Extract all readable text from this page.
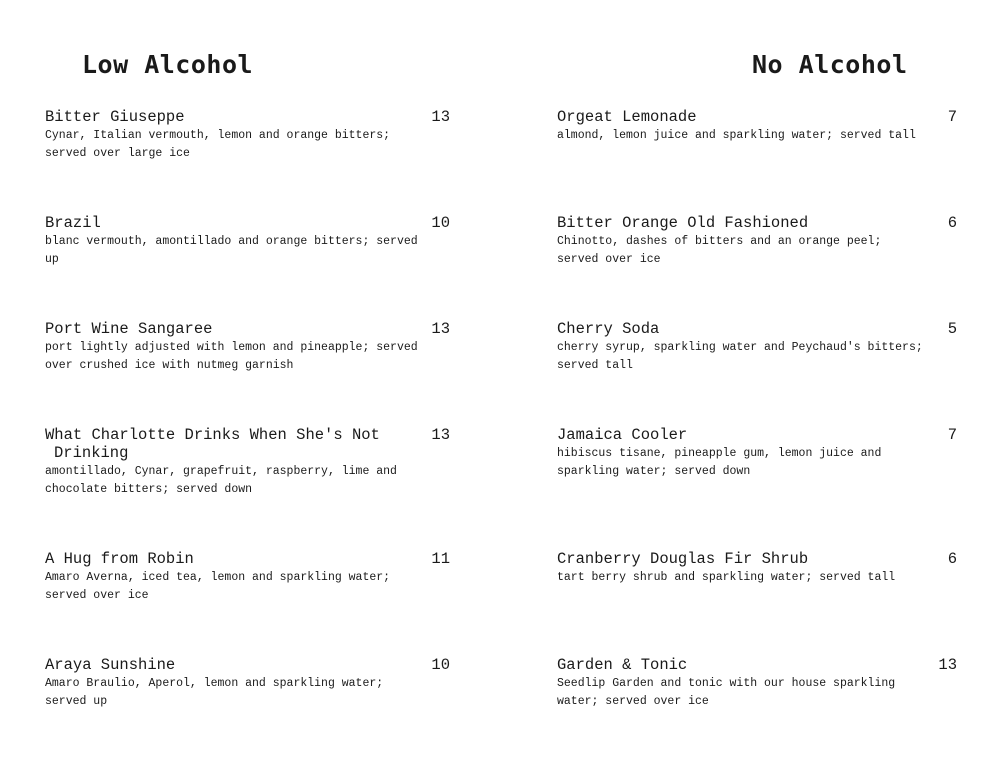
Low Alcohol	No Alcohol
Bitter Giuseppe	13
Cynar, Italian vermouth, lemon and orange bitters;
served over large ice
Brazil	10
blanc vermouth, amontillado and orange bitters; served
up
Port Wine Sangaree	13
port lightly adjusted with lemon and pineapple; served
over crushed ice with nutmeg garnish
What Charlotte Drinks When She's Not
Drinking
13
amontillado, Cynar, grapefruit, raspberry, lime and
chocolate bitters; served down
A Hug from Robin	11
Amaro Averna, iced tea, lemon and sparkling water;
served over ice
Araya Sunshine	10
Amaro Braulio, Aperol, lemon and sparkling water;
served up
Orgeat Lemonade	7
almond, lemon juice and sparkling water; served tall
Bitter Orange Old Fashioned	6
Chinotto, dashes of bitters and an orange peel;
served over ice
Cherry Soda	5
cherry syrup, sparkling water and Peychaud's bitters;
served tall
Jamaica Cooler	7
hibiscus tisane, pineapple gum, lemon juice and
sparkling water; served down
Cranberry Douglas Fir Shrub	6
tart berry shrub and sparkling water; served tall
Garden & Tonic	13
Seedlip Garden and tonic with our house sparkling
water; served over ice
